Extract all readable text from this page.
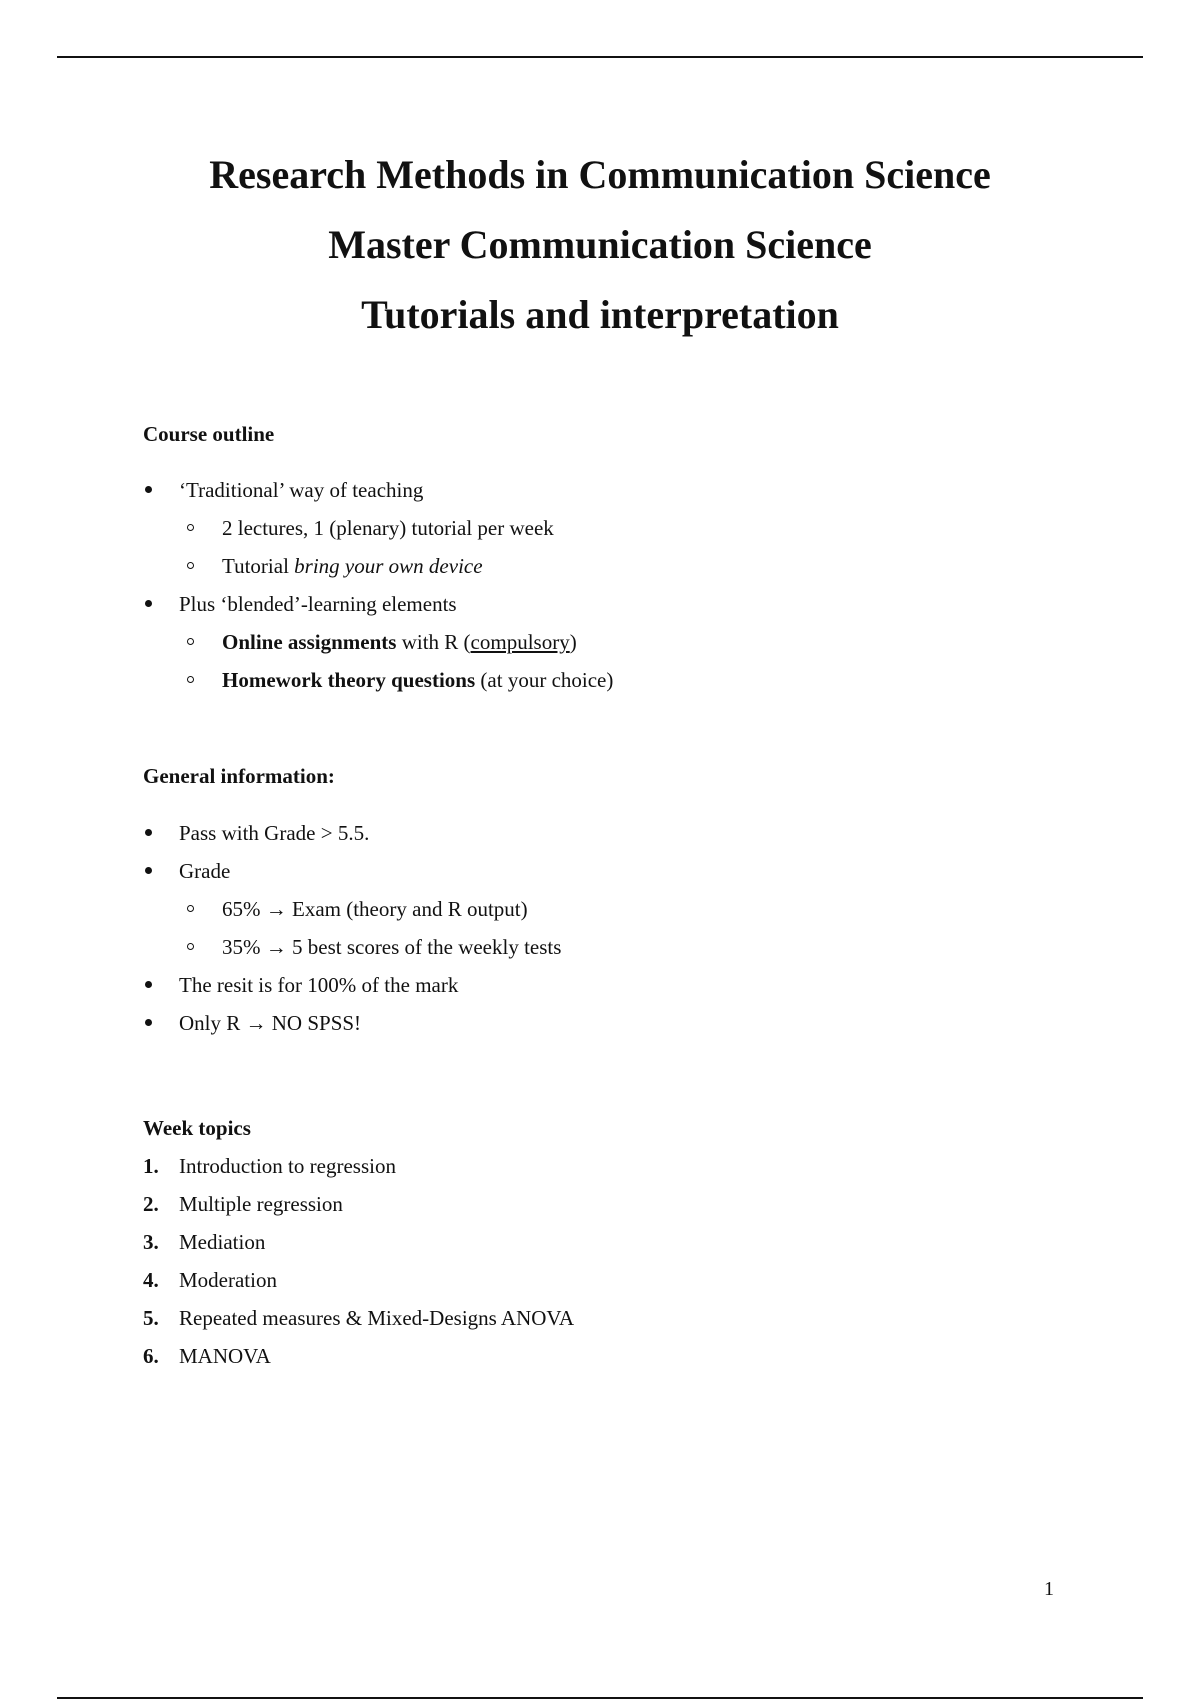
Research Methods in Communication Science
Master Communication Science
Tutorials and interpretation

Course outline

‘Traditional’ way of teaching
2 lectures, 1 (plenary) tutorial per week
Tutorial bring your own device
Plus ‘blended’-learning elements
Online assignments with R (compulsory)
Homework theory questions (at your choice)

General information:

Pass with Grade > 5.5.
Grade
65% → Exam (theory and R output)
35% → 5 best scores of the weekly tests
The resit is for 100% of the mark
Only R → NO SPSS!

Week topics

1. Introduction to regression
2. Multiple regression
3. Mediation
4. Moderation
5. Repeated measures & Mixed-Designs ANOVA
6. MANOVA
1
